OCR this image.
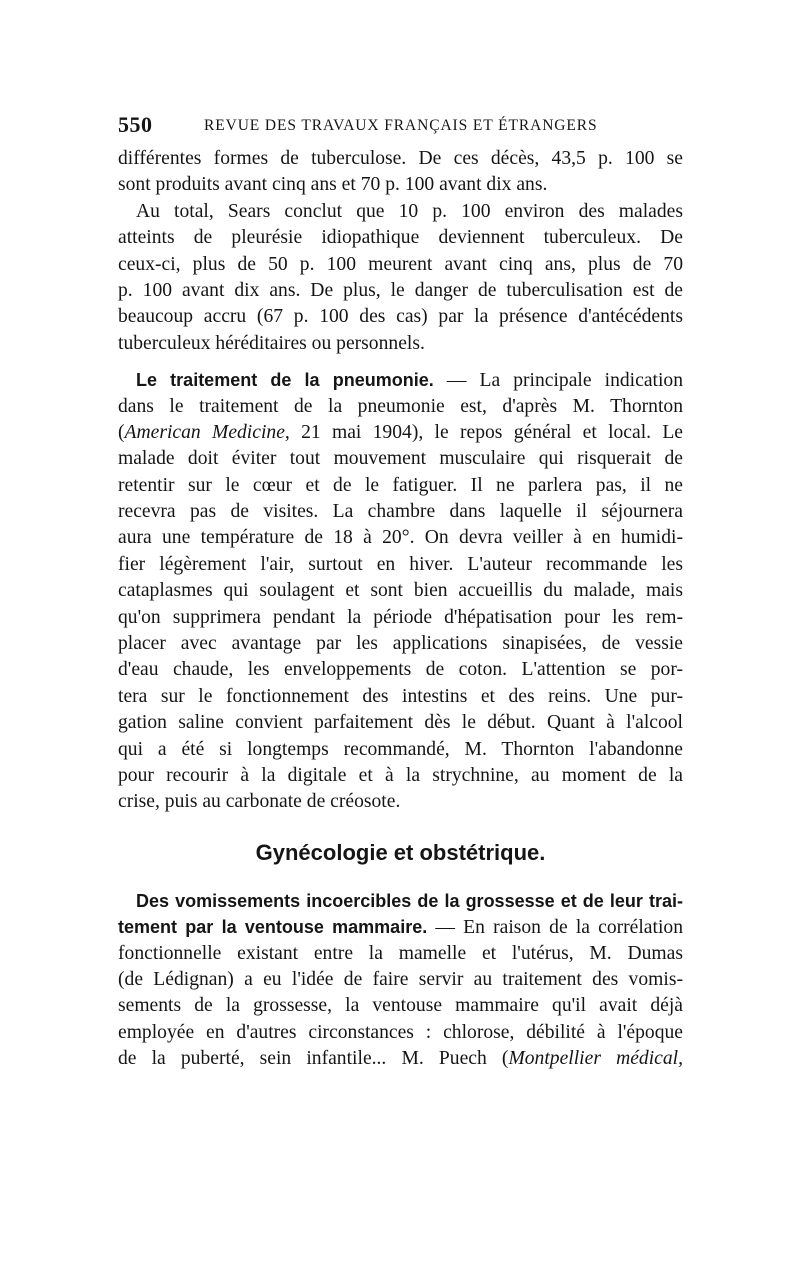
550	REVUE DES TRAVAUX FRANÇAIS ET ÉTRANGERS
différentes formes de tuberculose. De ces décès, 43,5 p. 100 se
sont produits avant cinq ans et 70 p. 100 avant dix ans.
Au total, Sears conclut que 10 p. 100 environ des malades
atteints de pleurésie idiopathique deviennent tuberculeux. De
ceux-ci, plus de 50 p. 100 meurent avant cinq ans, plus de 70
p. 100 avant dix ans. De plus, le danger de tuberculisation est de
beaucoup accru (67 p. 100 des cas) par la présence d'antécédents
tuberculeux héréditaires ou personnels.
Le traitement de la pneumonie. — La principale indication
dans le traitement de la pneumonie est, d'après M. Thornton
(American Medicine, 21 mai 1904), le repos général et local. Le
malade doit éviter tout mouvement musculaire qui risquerait de
retentir sur le cœur et de le fatiguer. Il ne parlera pas, il ne
recevra pas de visites. La chambre dans laquelle il séjournera
aura une température de 18 à 20°. On devra veiller à en humidi-
fier légèrement l'air, surtout en hiver. L'auteur recommande les
cataplasmes qui soulagent et sont bien accueillis du malade, mais
qu'on supprimera pendant la période d'hépatisation pour les rem-
placer avec avantage par les applications sinapisées, de vessie
d'eau chaude, les enveloppements de coton. L'attention se por-
tera sur le fonctionnement des intestins et des reins. Une pur-
gation saline convient parfaitement dès le début. Quant à l'alcool
qui a été si longtemps recommandé, M. Thornton l'abandonne
pour recourir à la digitale et à la strychnine, au moment de la
crise, puis au carbonate de créosote.
Gynécologie et obstétrique.
Des vomissements incoercibles de la grossesse et de leur trai-
tement par la ventouse mammaire. — En raison de la corrélation
fonctionnelle existant entre la mamelle et l'utérus, M. Dumas
(de Lédignan) a eu l'idée de faire servir au traitement des vomis-
sements de la grossesse, la ventouse mammaire qu'il avait déjà
employée en d'autres circonstances : chlorose, débilité à l'époque
de la puberté, sein infantile... M. Puech (Montpellier médical,
